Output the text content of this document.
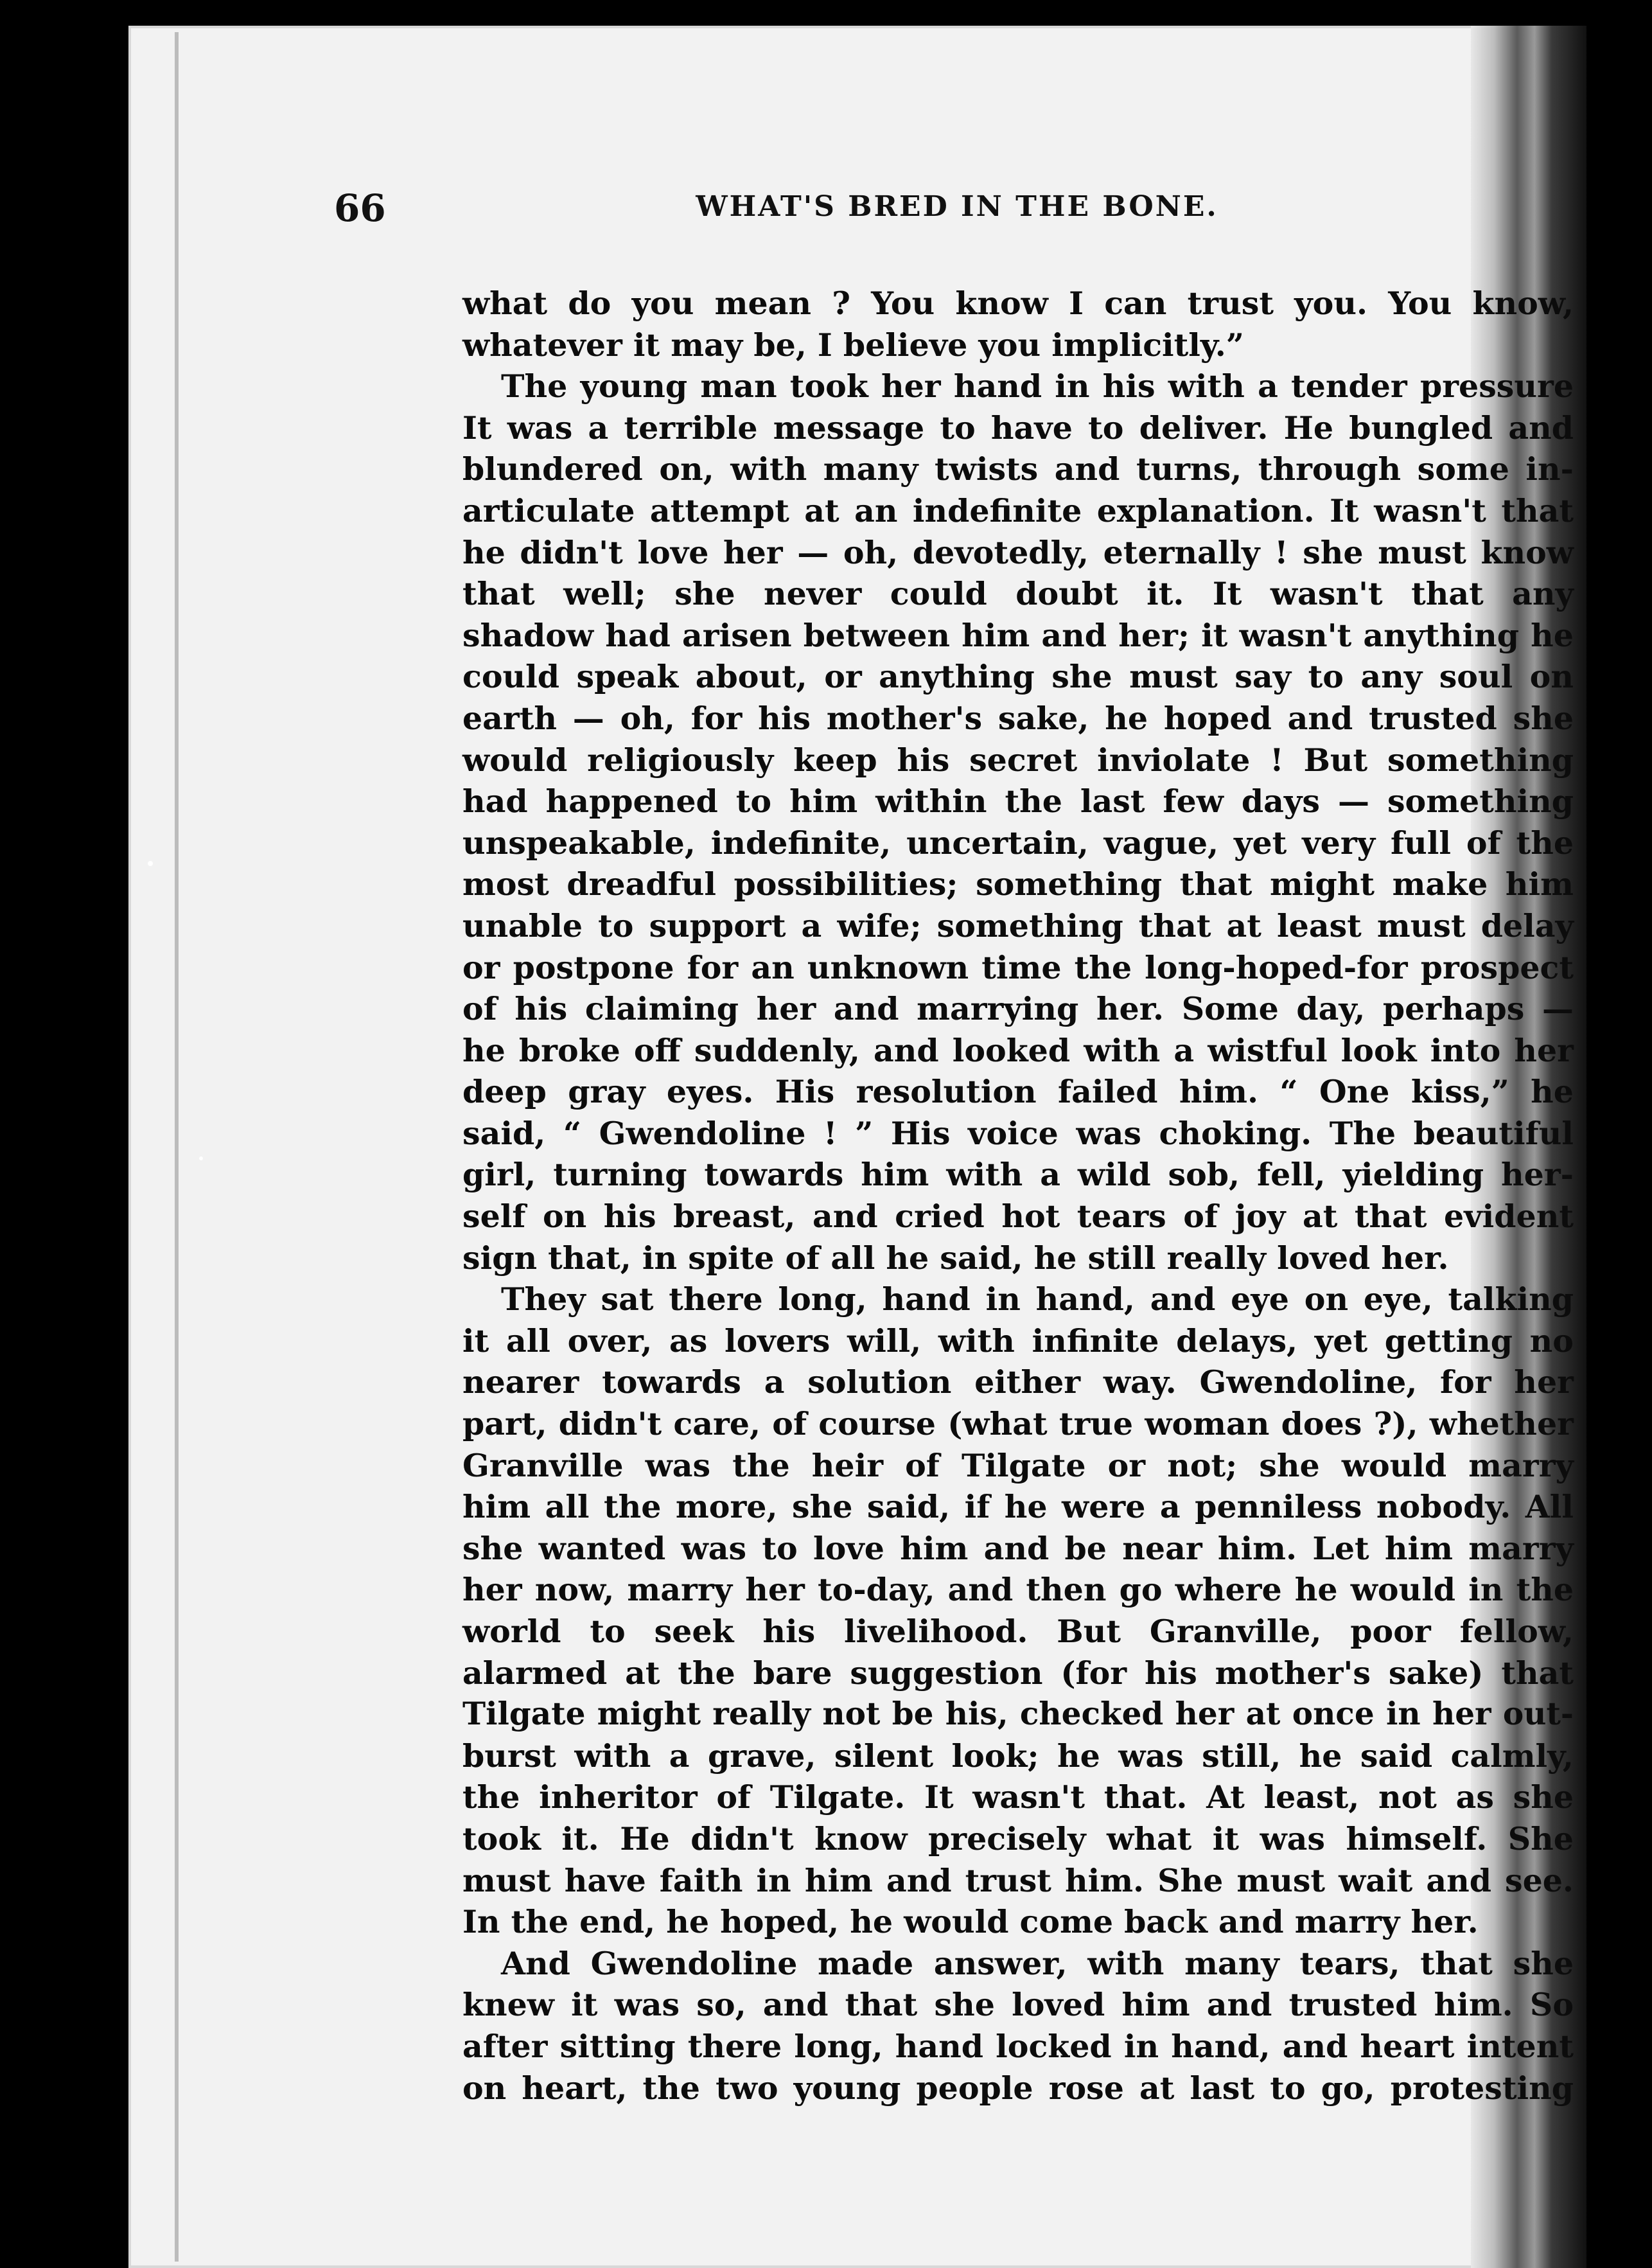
66	WHAT'S BRED IN THE BONE.
what do you mean ? You know I can trust you. You know,
whatever it may be, I believe you implicitly.”
The young man took her hand in his with a tender pressure
It was a terrible message to have to deliver. He bungled and
blundered on, with many twists and turns, through some in-
articulate attempt at an indefinite explanation. It wasn't that
he didn't love her — oh, devotedly, eternally ! she must know
that well; she never could doubt it. It wasn't that any
shadow had arisen between him and her; it wasn't anything he
could speak about, or anything she must say to any soul on
earth — oh, for his mother's sake, he hoped and trusted she
would religiously keep his secret inviolate ! But something
had happened to him within the last few days — something
unspeakable, indefinite, uncertain, vague, yet very full of the
most dreadful possibilities; something that might make him
unable to support a wife; something that at least must delay
or postpone for an unknown time the long-hoped-for prospect
of his claiming her and marrying her. Some day, perhaps —
he broke off suddenly, and looked with a wistful look into her
deep gray eyes. His resolution failed him. “ One kiss,” he
said, “ Gwendoline ! ” His voice was choking. The beautiful
girl, turning towards him with a wild sob, fell, yielding her-
self on his breast, and cried hot tears of joy at that evident
sign that, in spite of all he said, he still really loved her.
They sat there long, hand in hand, and eye on eye, talking
it all over, as lovers will, with infinite delays, yet getting no
nearer towards a solution either way. Gwendoline, for her
part, didn't care, of course (what true woman does ?), whether
Granville was the heir of Tilgate or not; she would marry
him all the more, she said, if he were a penniless nobody. All
she wanted was to love him and be near him. Let him marry
her now, marry her to-day, and then go where he would in the
world to seek his livelihood. But Granville, poor fellow,
alarmed at the bare suggestion (for his mother's sake) that
Tilgate might really not be his, checked her at once in her out-
burst with a grave, silent look; he was still, he said calmly,
the inheritor of Tilgate. It wasn't that. At least, not as she
took it. He didn't know precisely what it was himself. She
must have faith in him and trust him. She must wait and see.
In the end, he hoped, he would come back and marry her.
And Gwendoline made answer, with many tears, that she
knew it was so, and that she loved him and trusted him. So
after sitting there long, hand locked in hand, and heart intent
on heart, the two young people rose at last to go, protesting
